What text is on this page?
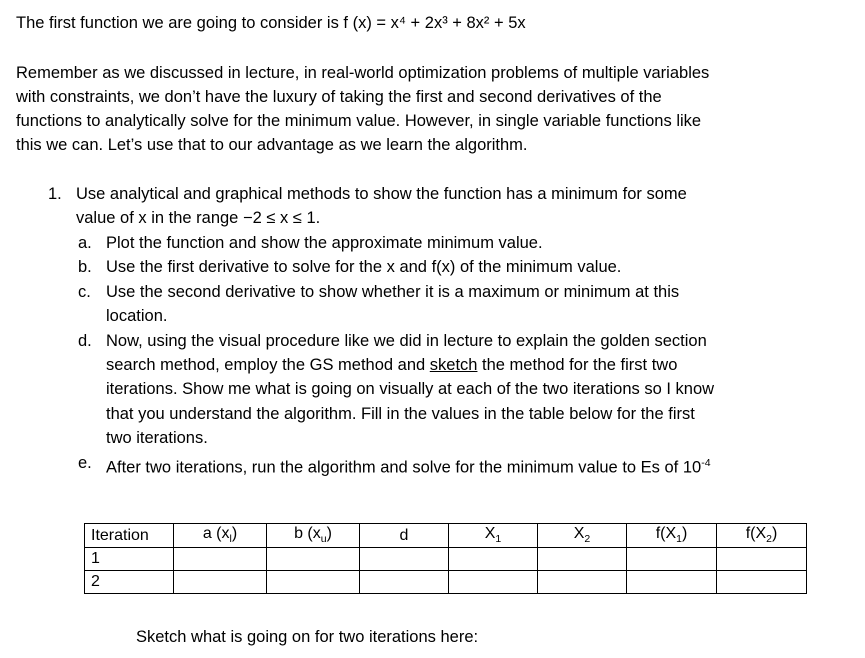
The first function we are going to consider is f (x) = x⁴ + 2x³ + 8x² + 5x
Remember as we discussed in lecture, in real-world optimization problems of multiple variables
with constraints, we don’t have the luxury of taking the first and second derivatives of the
functions to analytically solve for the minimum value. However, in single variable functions like
this we can. Let’s use that to our advantage as we learn the algorithm.
1. Use analytical and graphical methods to show the function has a minimum for some
value of x in the range −2 ≤ x ≤ 1.
a. Plot the function and show the approximate minimum value.
b. Use the first derivative to solve for the x and f(x) of the minimum value.
c. Use the second derivative to show whether it is a maximum or minimum at this
location.
d. Now, using the visual procedure like we did in lecture to explain the golden section
search method, employ the GS method and sketch the method for the first two
iterations. Show me what is going on visually at each of the two iterations so I know
that you understand the algorithm. Fill in the values in the table below for the first
two iterations.
e. After two iterations, run the algorithm and solve for the minimum value to Es of $10^{-4}$
Iteration	a $(x_l)$	b $(x_u)$	d	$X_1$	$X_2$	$f(X_1)$	$f(X_2)$
1							
2							
Sketch what is going on for two iterations here:
